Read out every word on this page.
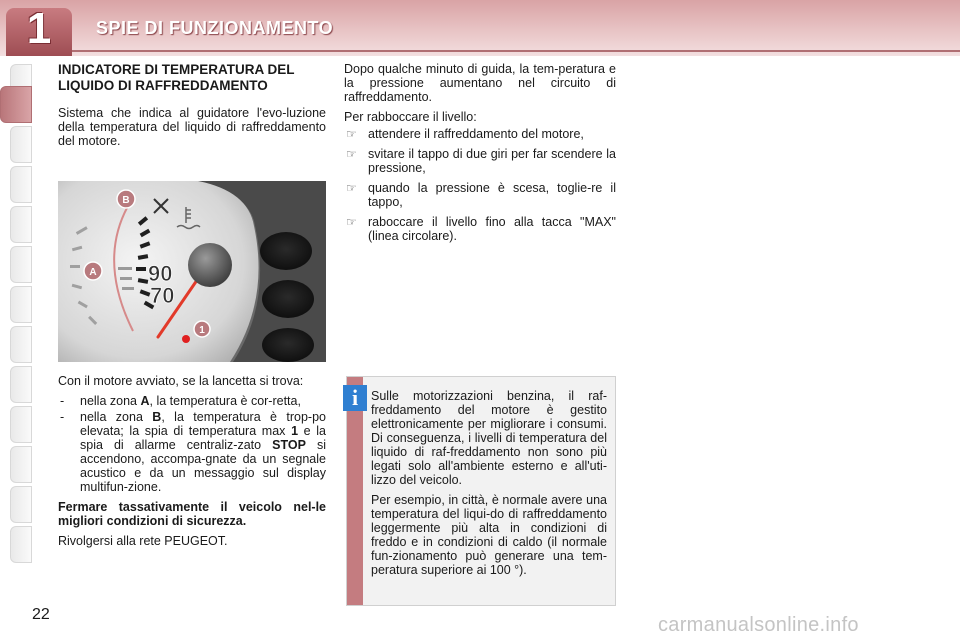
1	SPIE DI FUNZIONAMENTO
INDICATORE DI TEMPERATURA DEL LIQUIDO DI RAFFREDDAMENTO

Sistema che indica al guidatore l'evo-luzione della temperatura del liquido di raffreddamento del motore.

90
70
B
A
1

Con il motore avviato, se la lancetta si trova:

- nella zona A, la temperatura è cor-retta,
- nella zona B, la temperatura è trop-po elevata; la spia di temperatura max 1 e la spia di allarme centraliz-zato STOP si accendono, accompa-gnate da un segnale acustico e da un messaggio sul display multifun-zione.

Fermare tassativamente il veicolo nel-le migliori condizioni di sicurezza.

Rivolgersi alla rete PEUGEOT.

Dopo qualche minuto di guida, la tem-peratura e la pressione aumentano nel circuito di raffreddamento.

Per rabboccare il livello:

☞ attendere il raffreddamento del motore,
☞ svitare il tappo di due giri per far scendere la pressione,
☞ quando la pressione è scesa, toglie-re il tappo,
☞ raboccare il livello fino alla tacca "MAX" (linea circolare).
i	Sulle motorizzazioni benzina, il raf-freddamento del motore è gestito elettronicamente per migliorare i consumi. Di conseguenza, i livelli di temperatura del liquido di raf-freddamento non sono più legati solo all'ambiente esterno e all'uti-lizzo del veicolo.

Per esempio, in città, è normale avere una temperatura del liqui-do di raffreddamento leggermente più alta in condizioni di freddo e in condizioni di caldo (il normale fun-zionamento può generare una tem-peratura superiore ai 100 °).

22	carmanualsonline.info
